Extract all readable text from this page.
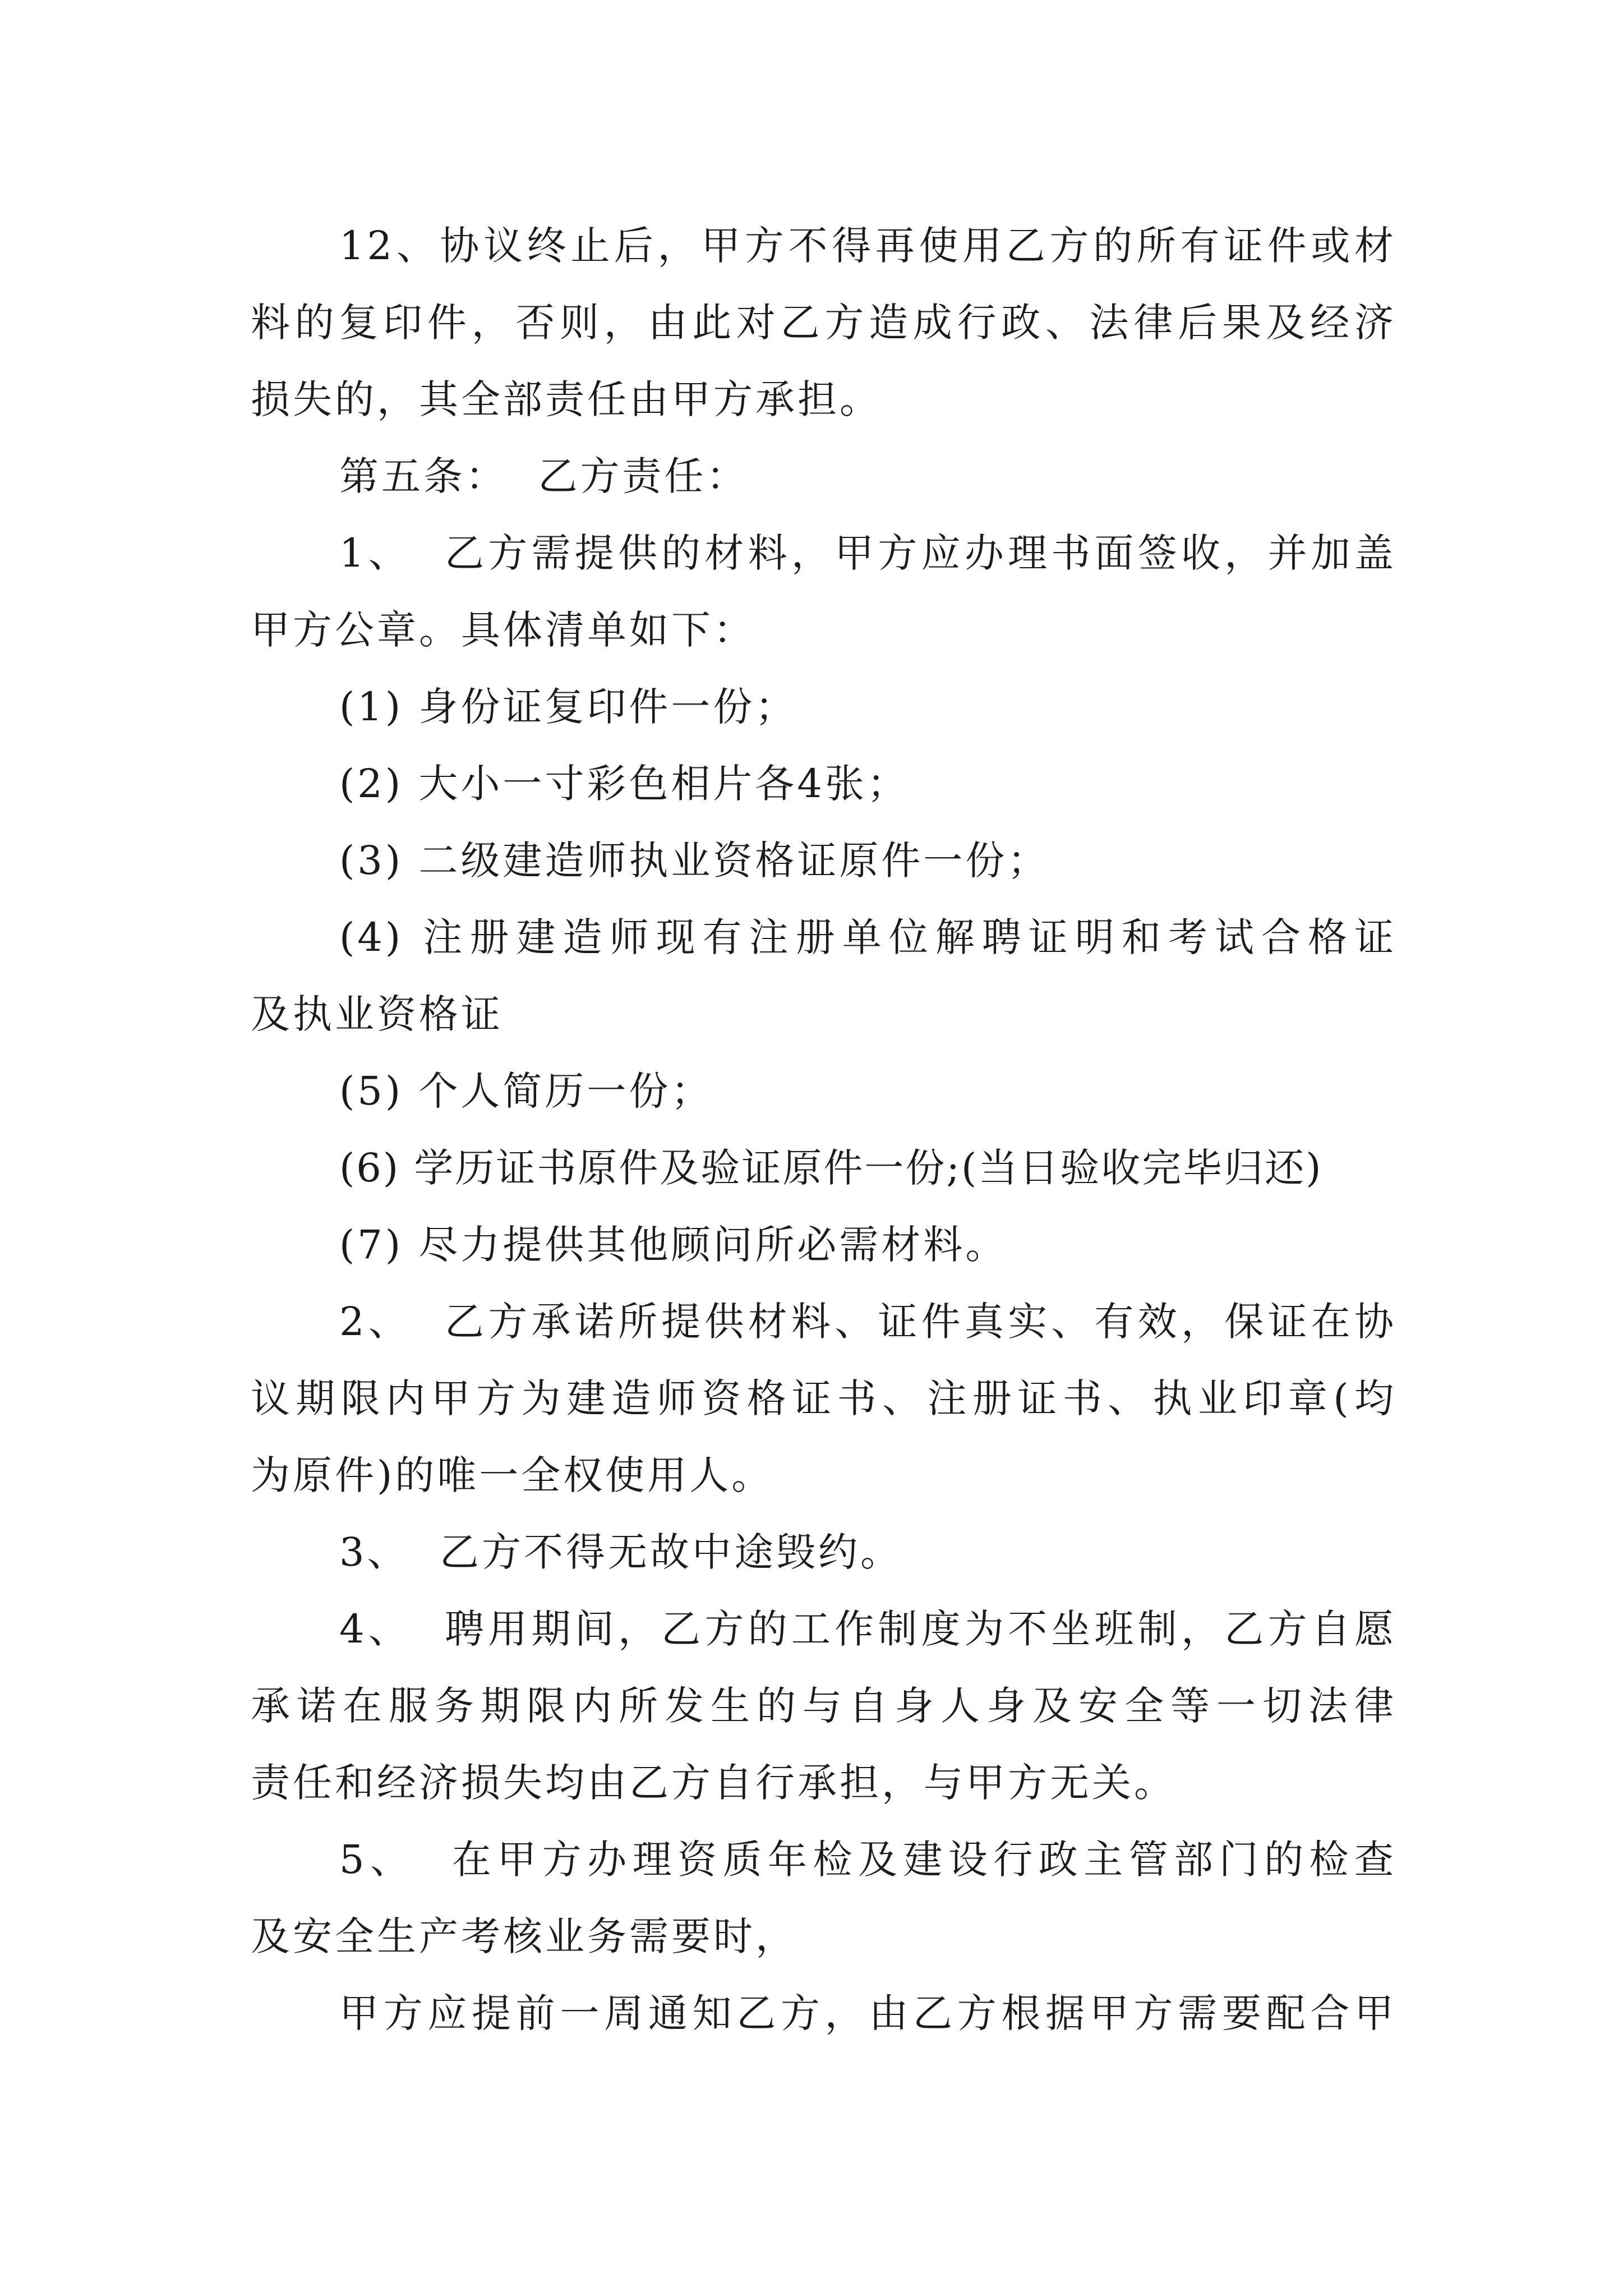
12、协议终止后，甲方不得再使用乙方的所有证件或材
料的复印件，否则，由此对乙方造成行政、法律后果及经济
损失的，其全部责任由甲方承担。
第五条：  乙方责任：
1、  乙方需提供的材料，甲方应办理书面签收，并加盖
甲方公章。具体清单如下：
(1) 身份证复印件一份；
(2) 大小一寸彩色相片各4张；
(3) 二级建造师执业资格证原件一份；
(4) 注册建造师现有注册单位解聘证明和考试合格证
及执业资格证
(5) 个人简历一份；
(6) 学历证书原件及验证原件一份;(当日验收完毕归还)
(7) 尽力提供其他顾问所必需材料。
2、  乙方承诺所提供材料、证件真实、有效，保证在协
议期限内甲方为建造师资格证书、注册证书、执业印章(均
为原件)的唯一全权使用人。
3、  乙方不得无故中途毁约。
4、  聘用期间，乙方的工作制度为不坐班制，乙方自愿
承诺在服务期限内所发生的与自身人身及安全等一切法律
责任和经济损失均由乙方自行承担，与甲方无关。
5、  在甲方办理资质年检及建设行政主管部门的检查
及安全生产考核业务需要时，
甲方应提前一周通知乙方，由乙方根据甲方需要配合甲
